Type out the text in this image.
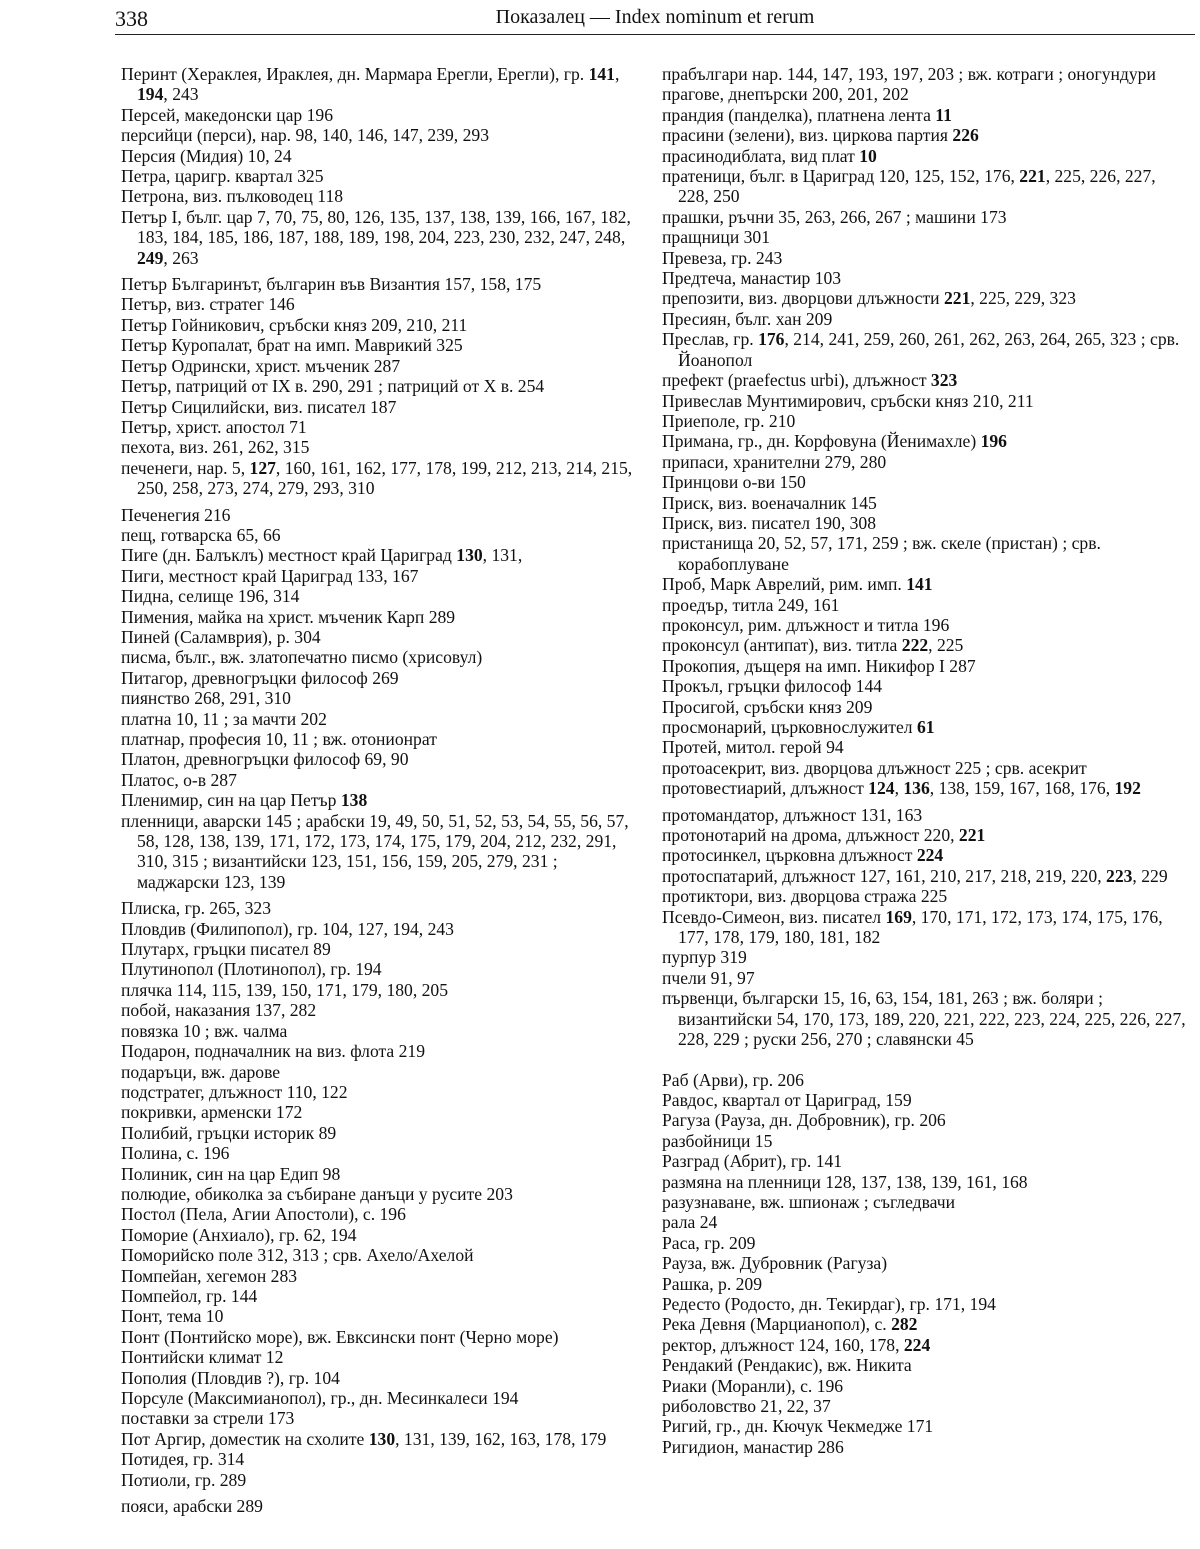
338	Показалец — Index nominum et rerum

Перинт (Хераклея, Ираклея, дн. Мармара Ерегли, Ерегли), гр. 141, 194, 243

Персей, македонски цар 196

персийци (перси), нар. 98, 140, 146, 147, 239, 293

Персия (Мидия) 10, 24

Петра, царигр. квартал 325

Петрона, виз. пълководец 118

Петър I, бълг. цар 7, 70, 75, 80, 126, 135, 137, 138, 139, 166, 167, 182, 183, 184, 185, 186, 187, 188, 189, 198, 204, 223, 230, 232, 247, 248, 249, 263

Петър Българинът, българин във Византия 157, 158, 175

Петър, виз. стратег 146

Петър Гойникович, сръбски княз 209, 210, 211

Петър Куропалат, брат на имп. Маврикий 325

Петър Одрински, христ. мъченик 287

Петър, патриций от IX в. 290, 291 ; патриций от X в. 254

Петър Сицилийски, виз. писател 187

Петър, христ. апостол 71

пехота, виз. 261, 262, 315

печенеги, нар. 5, 127, 160, 161, 162, 177, 178, 199, 212, 213, 214, 215, 250, 258, 273, 274, 279, 293, 310

Печенегия 216

пещ, готварска 65, 66

Пиге (дн. Балъклъ) местност край Цариград 130, 131,

Пиги, местност край Цариград 133, 167

Пидна, селище 196, 314

Пимения, майка на христ. мъченик Карп 289

Пиней (Саламврия), р. 304

писма, бълг., вж. златопечатно писмо (хрисовул)

Питагор, древногръцки философ 269

пиянство 268, 291, 310

платна 10, 11 ; за мачти 202

платнар, професия 10, 11 ; вж. отонионрат

Платон, древногръцки философ 69, 90

Платос, о-в 287

Пленимир, син на цар Петър 138

пленници, аварски 145 ; арабски 19, 49, 50, 51, 52, 53, 54, 55, 56, 57, 58, 128, 138, 139, 171, 172, 173, 174, 175, 179, 204, 212, 232, 291, 310, 315 ; византийски 123, 151, 156, 159, 205, 279, 231 ; маджарски 123, 139

Плиска, гр. 265, 323

Пловдив (Филипопол), гр. 104, 127, 194, 243

Плутарх, гръцки писател 89

Плутинопол (Плотинопол), гр. 194

плячка 114, 115, 139, 150, 171, 179, 180, 205

побой, наказания 137, 282

повязка 10 ; вж. чалма

Подарон, подначалник на виз. флота 219

подаръци, вж. дарове

подстратег, длъжност 110, 122

покривки, арменски 172

Полибий, гръцки историк 89

Полина, с. 196

Полиник, син на цар Едип 98

полюдие, обиколка за събиране данъци у русите 203

Постол (Пела, Агии Апостоли), с. 196

Поморие (Анхиало), гр. 62, 194

Поморийско поле 312, 313 ; срв. Ахело/Ахелой

Помпейан, хегемон 283

Помпейол, гр. 144

Понт, тема 10

Понт (Понтийско море), вж. Евксински понт (Черно море)

Понтийски климат 12

Пополия (Пловдив ?), гр. 104

Порсуле (Максимианопол), гр., дн. Месинкалеси 194

поставки за стрели 173

Пот Аргир, доместик на схолите 130, 131, 139, 162, 163, 178, 179

Потидея, гр. 314

Потиоли, гр. 289

пояси, арабски 289

прабългари нар. 144, 147, 193, 197, 203 ; вж. котраги ; оногундури

прагове, днепърски 200, 201, 202

прандия (панделка), платнена лента 11

прасини (зелени), виз. циркова партия 226

прасинодиблата, вид плат 10

пратеници, бълг. в Цариград 120, 125, 152, 176, 221, 225, 226, 227, 228, 250

прашки, ръчни 35, 263, 266, 267 ; машини 173

пращници 301

Превеза, гр. 243

Предтеча, манастир 103

препозити, виз. дворцови длъжности 221, 225, 229, 323

Пресиян, бълг. хан 209

Преслав, гр. 176, 214, 241, 259, 260, 261, 262, 263, 264, 265, 323 ; срв. Йоанопол

префект (praefectus urbi), длъжност 323

Привеслав Мунтимирович, сръбски княз 210, 211

Приеполе, гр. 210

Примана, гр., дн. Корфовуна (Йенимахле) 196

припаси, хранителни 279, 280

Принцови о-ви 150

Приск, виз. военачалник 145

Приск, виз. писател 190, 308

пристанища 20, 52, 57, 171, 259 ; вж. скеле (пристан) ; срв. корабоплуване

Проб, Марк Аврелий, рим. имп. 141

проедър, титла 249, 161

проконсул, рим. длъжност и титла 196

проконсул (антипат), виз. титла 222, 225

Прокопия, дъщеря на имп. Никифор I 287

Прокъл, гръцки философ 144

Просигой, сръбски княз 209

просмонарий, църковнослужител 61

Протей, митол. герой 94

протоасекрит, виз. дворцова длъжност 225 ; срв. асекрит

протовестиарий, длъжност 124, 136, 138, 159, 167, 168, 176, 192

протомандатор, длъжност 131, 163

протонотарий на дрома, длъжност 220, 221

протосинкел, църковна длъжност 224

протоспатарий, длъжност 127, 161, 210, 217, 218, 219, 220, 223, 229

протиктори, виз. дворцова стража 225

Псевдо-Симеон, виз. писател 169, 170, 171, 172, 173, 174, 175, 176, 177, 178, 179, 180, 181, 182

пурпур 319

пчели 91, 97

първенци, български 15, 16, 63, 154, 181, 263 ; вж. боляри ; византийски 54, 170, 173, 189, 220, 221, 222, 223, 224, 225, 226, 227, 228, 229 ; руски 256, 270 ; славянски 45

Раб (Арви), гр. 206

Равдос, квартал от Цариград, 159

Рагуза (Рауза, дн. Добровник), гр. 206

разбойници 15

Разград (Абрит), гр. 141

размяна на пленници 128, 137, 138, 139, 161, 168

разузнаване, вж. шпионаж ; съгледвачи

рала 24

Раса, гр. 209

Рауза, вж. Дубровник (Рагуза)

Рашка, р. 209

Редесто (Родосто, дн. Текирдаг), гр. 171, 194

Река Девня (Марцианопол), с. 282

ректор, длъжност 124, 160, 178, 224

Рендакий (Рендакис), вж. Никита

Риаки (Моранли), с. 196

риболовство 21, 22, 37

Ригий, гр., дн. Кючук Чекмедже 171

Ригидион, манастир 286
